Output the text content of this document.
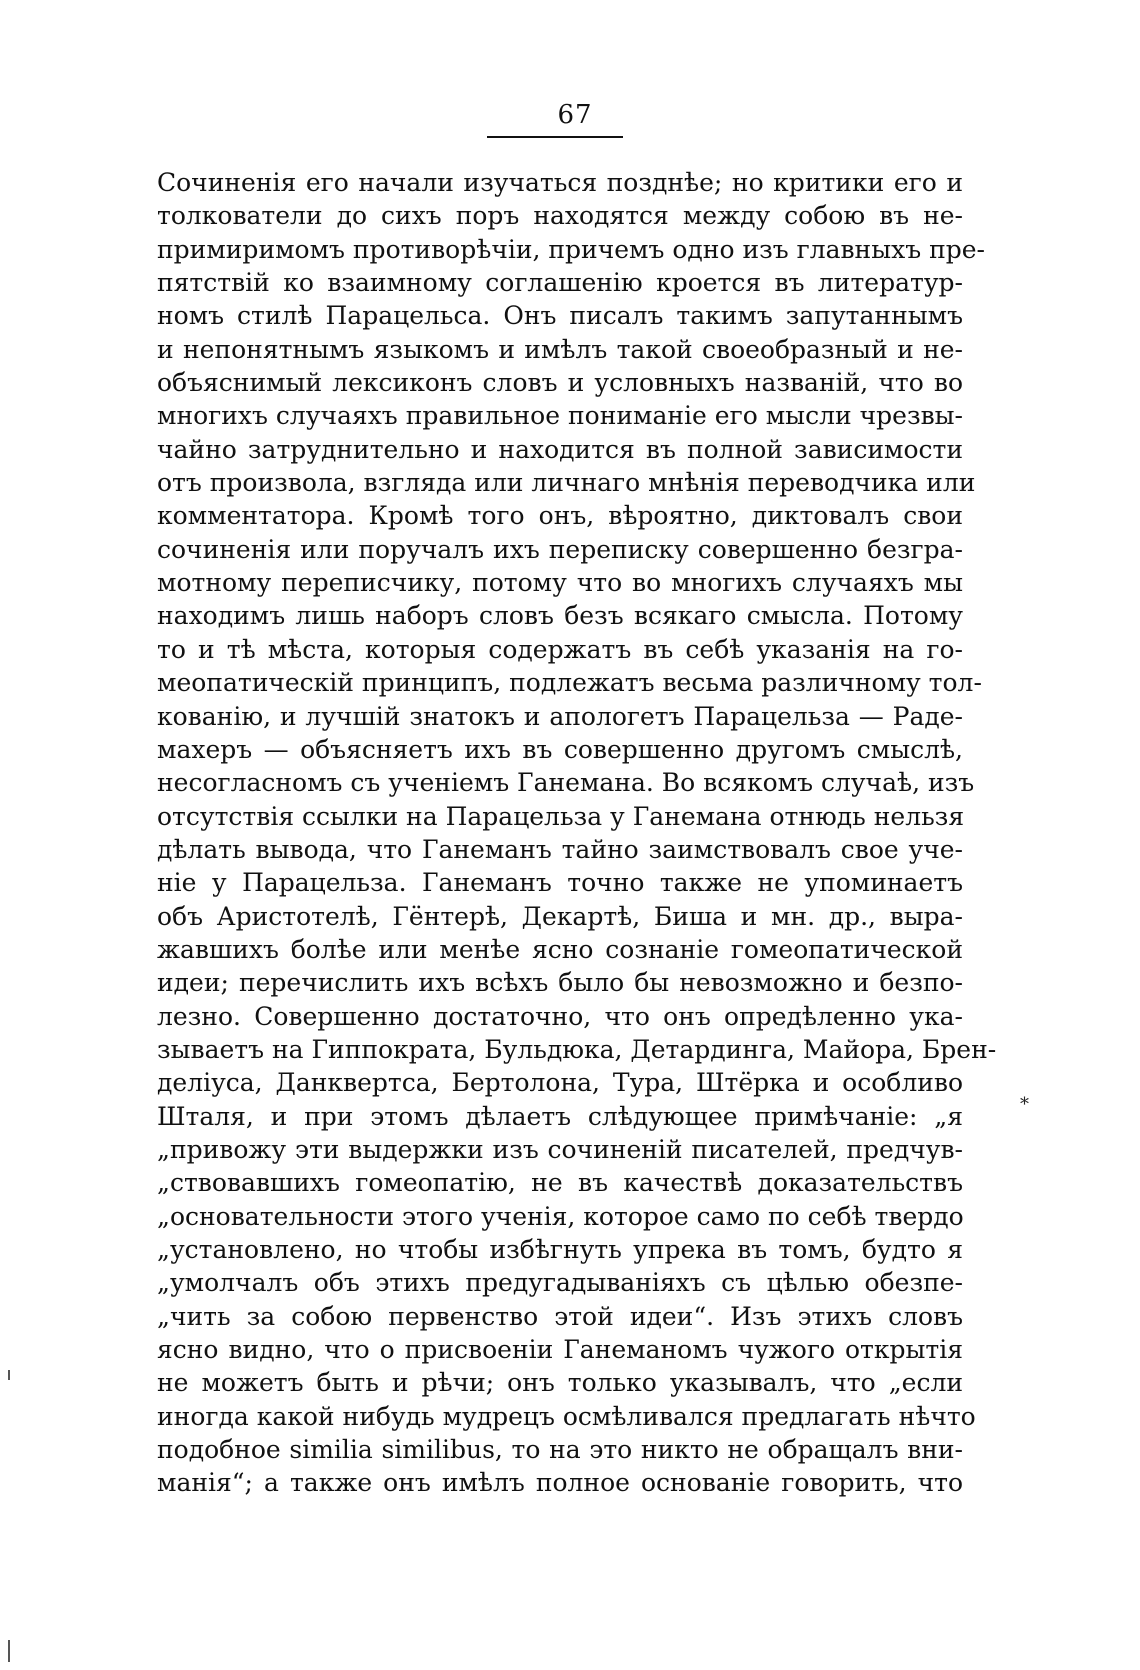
67
Сочиненія его начали изучаться позднѣе; но критики его и
толкователи до сихъ поръ находятся между собою въ не-
примиримомъ противорѣчіи, причемъ одно изъ главныхъ пре-
пятствій ко взаимному соглашенію кроется въ литератур-
номъ стилѣ Парацельса. Онъ писалъ такимъ запутаннымъ
и непонятнымъ языкомъ и имѣлъ такой своеобразный и не-
объяснимый лексиконъ словъ и условныхъ названій, что во
многихъ случаяхъ правильное пониманіе его мысли чрезвы-
чайно затруднительно и находится въ полной зависимости
отъ произвола, взгляда или личнаго мнѣнія переводчика или
комментатора. Кромѣ того онъ, вѣроятно, диктовалъ свои
сочиненія или поручалъ ихъ переписку совершенно безгра-
мотному переписчику, потому что во многихъ случаяхъ мы
находимъ лишь наборъ словъ безъ всякаго смысла. Потому
то и тѣ мѣста, которыя содержатъ въ себѣ указанія на го-
меопатическій принципъ, подлежатъ весьма различному тол-
кованію, и лучшій знатокъ и апологетъ Парацельза — Раде-
махеръ — объясняетъ ихъ въ совершенно другомъ смыслѣ,
несогласномъ съ ученіемъ Ганемана. Во всякомъ случаѣ, изъ
отсутствія ссылки на Парацельза у Ганемана отнюдь нельзя
дѣлать вывода, что Ганеманъ тайно заимствовалъ свое уче-
ніе у Парацельза. Ганеманъ точно также не упоминаетъ
объ Аристотелѣ, Гёнтерѣ, Декартѣ, Биша и мн. др., выра-
жавшихъ болѣе или менѣе ясно сознаніе гомеопатической
идеи; перечислить ихъ всѣхъ было бы невозможно и безпо-
лезно. Совершенно достаточно, что онъ опредѣленно ука-
зываетъ на Гиппократа, Бульдюка, Детардинга, Майора, Брен-
деліуса, Данквертса, Бертолона, Тура, Штёрка и особливо
Шталя, и при этомъ дѣлаетъ слѣдующее примѣчаніе: „я
„привожу эти выдержки изъ сочиненій писателей, предчув-
„ствовавшихъ гомеопатію, не въ качествѣ доказательствъ
„основательности этого ученія, которое само по себѣ твердо
„установлено, но чтобы избѣгнуть упрека въ томъ, будто я
„умолчалъ объ этихъ предугадываніяхъ съ цѣлью обезпе-
„чить за собою первенство этой идеи“. Изъ этихъ словъ
ясно видно, что о присвоеніи Ганеманомъ чужого открытія
не можетъ быть и рѣчи; онъ только указывалъ, что „если
иногда какой нибудь мудрецъ осмѣливался предлагать нѣчто
подобное similia similibus, то на это никто не обращалъ вни-
манія“; а также онъ имѣлъ полное основаніе говорить, что
*
